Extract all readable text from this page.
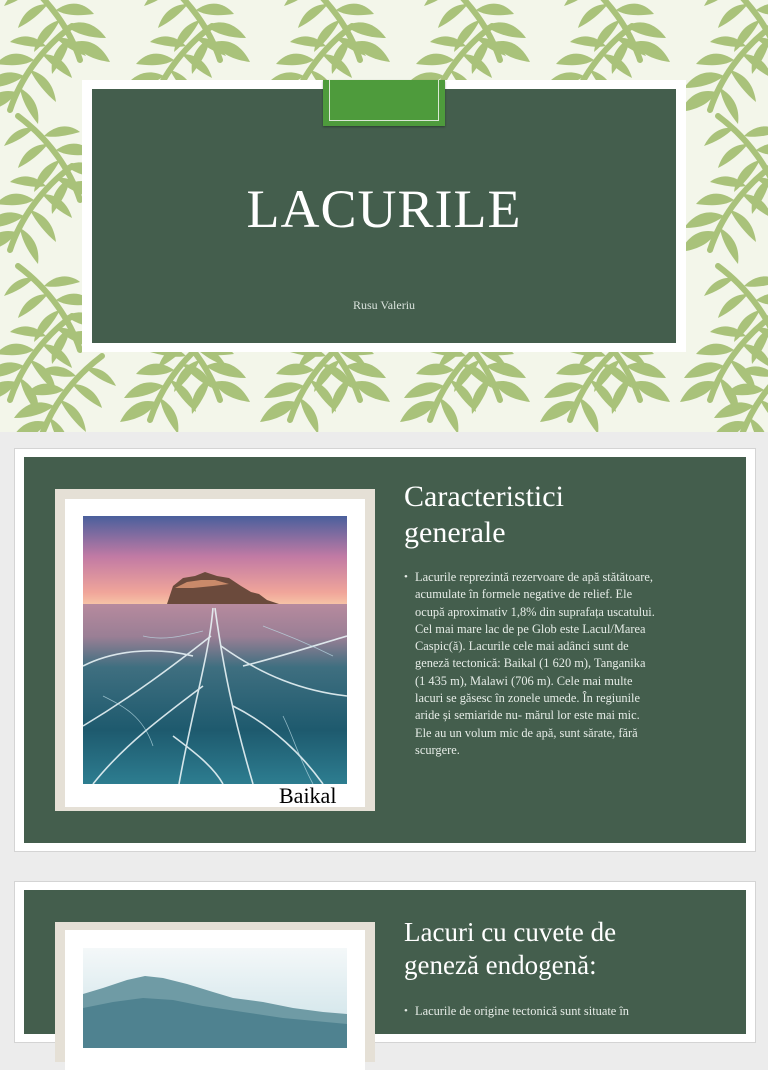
LACURILE
Rusu Valeriu
Baikal
Caracteristici
generale
• Lacurile reprezintă rezervoare de apă stătătoare,
acumulate în formele negative de relief. Ele
ocupă aproximativ 1,8% din suprafața uscatului.
Cel mai mare lac de pe Glob este Lacul/Marea
Caspic(ă). Lacurile cele mai adânci sunt de
geneză tectonică: Baikal (1 620 m), Tanganika
(1 435 m), Malawi (706 m). Cele mai multe
lacuri se găsesc în zonele umede. În regiunile
aride și semiaride nu- mărul lor este mai mic.
Ele au un volum mic de apă, sunt sărate, fără
scurgere.
Lacuri cu cuvete de
geneză endogenă:
• Lacurile de origine tectonică sunt situate în
